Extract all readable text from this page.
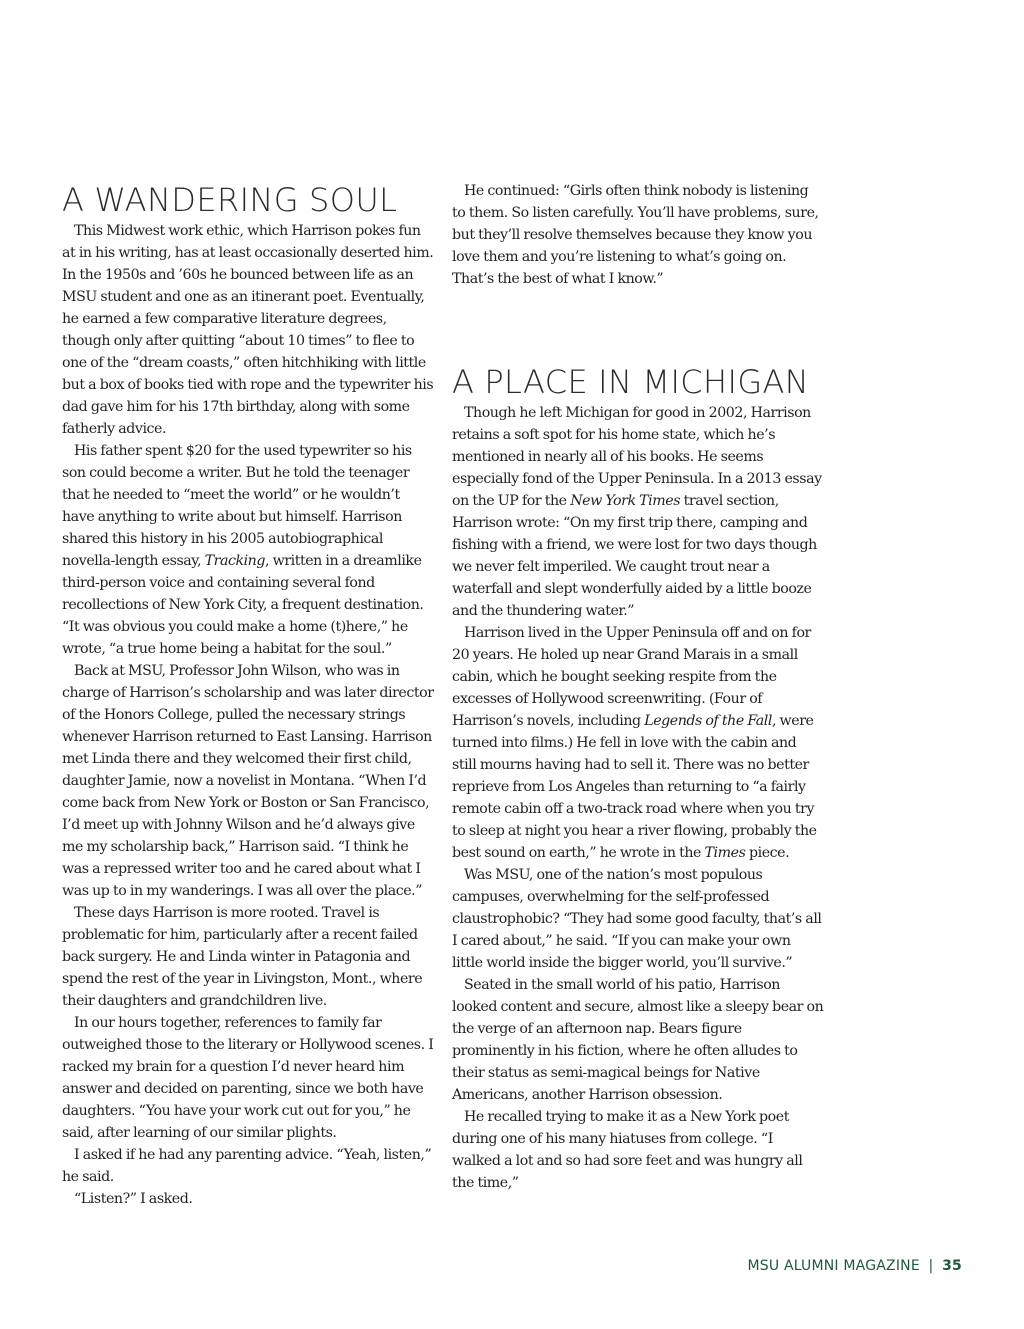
A WANDERING SOUL

This Midwest work ethic, which Harrison pokes fun at in his writing, has at least occasionally deserted him. In the 1950s and ’60s he bounced between life as an MSU student and one as an itinerant poet. Eventually, he earned a few comparative literature degrees, though only after quitting “about 10 times” to flee to one of the “dream coasts,” often hitchhiking with little but a box of books tied with rope and the typewriter his dad gave him for his 17th birthday, along with some fatherly advice.

His father spent $20 for the used typewriter so his son could become a writer. But he told the teenager that he needed to “meet the world” or he wouldn’t have anything to write about but himself. Harrison shared this history in his 2005 autobiographical novella-length essay, Tracking, written in a dreamlike third-person voice and containing several fond recollections of New York City, a frequent destination. “It was obvious you could make a home (t)here,” he wrote, “a true home being a habitat for the soul.”

Back at MSU, Professor John Wilson, who was in charge of Harrison’s scholarship and was later director of the Honors College, pulled the necessary strings whenever Harrison returned to East Lansing. Harrison met Linda there and they welcomed their first child, daughter Jamie, now a novelist in Montana. “When I’d come back from New York or Boston or San Francisco, I’d meet up with Johnny Wilson and he’d always give me my scholarship back,” Harrison said. “I think he was a repressed writer too and he cared about what I was up to in my wanderings. I was all over the place.”

These days Harrison is more rooted. Travel is problematic for him, particularly after a recent failed back surgery. He and Linda winter in Patagonia and spend the rest of the year in Livingston, Mont., where their daughters and grandchildren live.

In our hours together, references to family far outweighed those to the literary or Hollywood scenes. I racked my brain for a question I’d never heard him answer and decided on parenting, since we both have daughters. “You have your work cut out for you,” he said, after learning of our similar plights.

I asked if he had any parenting advice. “Yeah, listen,” he said.

“Listen?” I asked.

He continued: “Girls often think nobody is listening to them. So listen carefully. You’ll have problems, sure, but they’ll resolve themselves because they know you love them and you’re listening to what’s going on. That’s the best of what I know.”

A PLACE IN MICHIGAN

Though he left Michigan for good in 2002, Harrison retains a soft spot for his home state, which he’s mentioned in nearly all of his books. He seems especially fond of the Upper Peninsula. In a 2013 essay on the UP for the New York Times travel section, Harrison wrote: “On my first trip there, camping and fishing with a friend, we were lost for two days though we never felt imperiled. We caught trout near a waterfall and slept wonderfully aided by a little booze and the thundering water.”

Harrison lived in the Upper Peninsula off and on for 20 years. He holed up near Grand Marais in a small cabin, which he bought seeking respite from the excesses of Hollywood screenwriting. (Four of Harrison’s novels, including Legends of the Fall, were turned into films.) He fell in love with the cabin and still mourns having had to sell it. There was no better reprieve from Los Angeles than returning to “a fairly remote cabin off a two-track road where when you try to sleep at night you hear a river flowing, probably the best sound on earth,” he wrote in the Times piece.

Was MSU, one of the nation’s most populous campuses, overwhelming for the self-professed claustrophobic? “They had some good faculty, that’s all I cared about,” he said. “If you can make your own little world inside the bigger world, you’ll survive.”

Seated in the small world of his patio, Harrison looked content and secure, almost like a sleepy bear on the verge of an afternoon nap. Bears figure prominently in his fiction, where he often alludes to their status as semi-magical beings for Native Americans, another Harrison obsession.

He recalled trying to make it as a New York poet during one of his many hiatuses from college. “I walked a lot and so had sore feet and was hungry all the time,”

MSU ALUMNI MAGAZINE | 35
